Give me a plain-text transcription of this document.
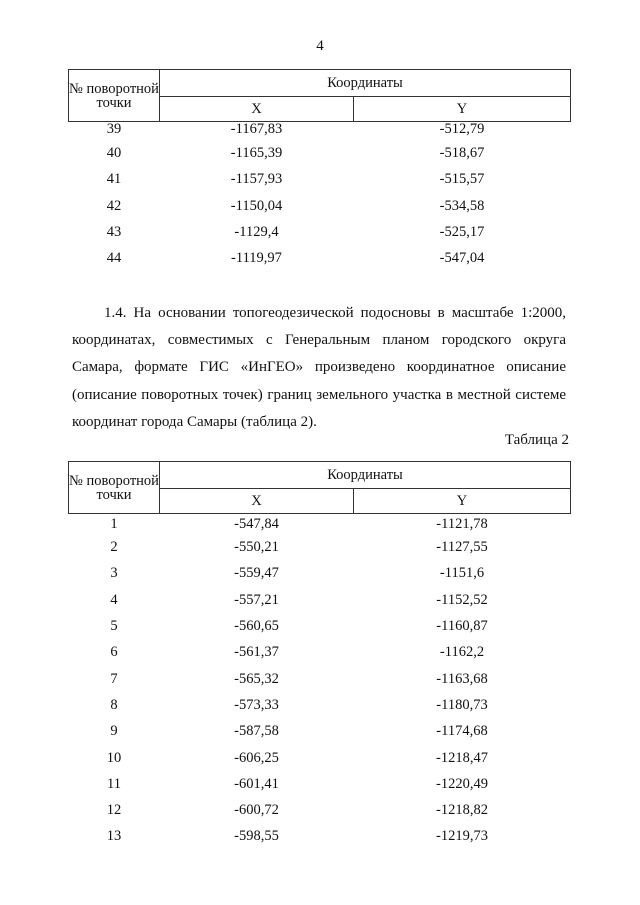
4
№ поворотной точки	Координаты	
	X	Y
39	-1167,83	-512,79
40	-1165,39	-518,67
41	-1157,93	-515,57
42	-1150,04	-534,58
43	-1129,4	-525,17
44	-1119,97	-547,04

1.4. На основании топогеодезической подосновы в масштабе 1:2000, координатах, совместимых с Генеральным планом городского округа Самара, формате ГИС «ИнГЕО» произведено координатное описание (описание поворотных точек) границ земельного участка в местной системе координат города Самары (таблица 2).

Таблица 2
№ поворотной точки	Координаты	
	X	Y
1	-547,84	-1121,78
2	-550,21	-1127,55
3	-559,47	-1151,6
4	-557,21	-1152,52
5	-560,65	-1160,87
6	-561,37	-1162,2
7	-565,32	-1163,68
8	-573,33	-1180,73
9	-587,58	-1174,68
10	-606,25	-1218,47
11	-601,41	-1220,49
12	-600,72	-1218,82
13	-598,55	-1219,73
